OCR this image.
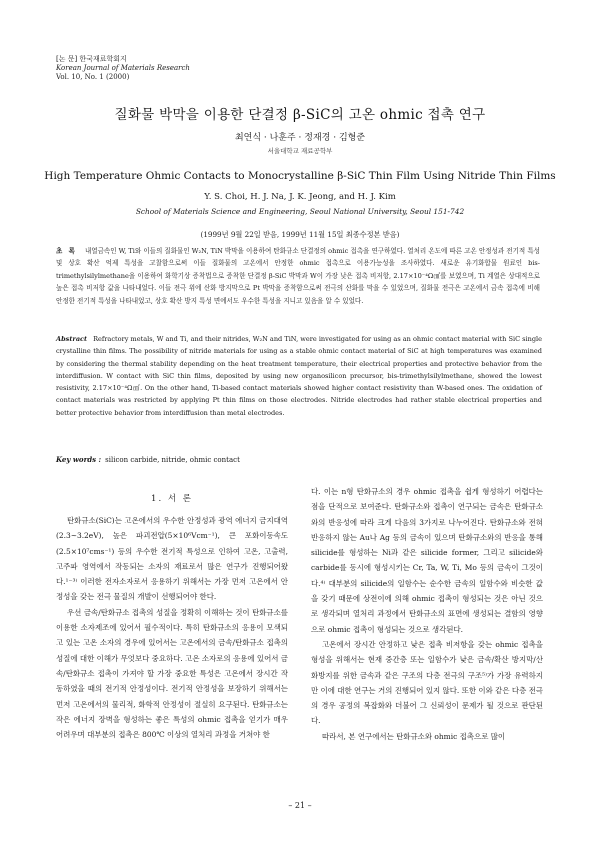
[논 문] 한국재료학회지
Korean Journal of Materials Research
Vol. 10, No. 1 (2000)
질화물 박막을 이용한 단결정 β-SiC의 고온 ohmic 접촉 연구
최연식 · 나훈주 · 정재경 · 김형준
서울대학교 재료공학부
High Temperature Ohmic Contacts to Monocrystalline β-SiC Thin Film Using Nitride Thin Films
Y. S. Choi, H. J. Na, J. K. Jeong, and H. J. Kim
School of Materials Science and Engineering, Seoul National University, Seoul 151-742
(1999년 9월 22일 받음, 1999년 11월 15일 최종수정본 받음)
초 록 내열금속인 W, Ti와 이들의 질화물인 W₂N, TiN 박막을 이용하여 탄화규소 단결정의 ohmic 접촉을 연구하였다. 열처리 온도에 따른 고온 안정성과 전기적 특성 및 상호 확산 억제 특성을 고찰함으로써 이들 질화물의 고온에서 안정한 ohmic 접촉으로 이용가능성을 조사하였다. 새로운 유기화합물 원료인 bis-trimethylsilylmethane을 이용하여 화학기상 증착법으로 증착한 단결정 β-SiC 박막과 W이 가장 낮은 접촉 비저항, 2.17×10⁻⁴Ω㎠를 보였으며, Ti 계열은 상대적으로 높은 접촉 비저항 값을 나타내었다. 이들 전극 위에 산화 방지막으로 Pt 박막을 증착함으로써 전극의 산화를 막을 수 있었으며, 질화물 전극은 고온에서 금속 접촉에 비해 안정한 전기적 특성을 나타내었고, 상호 확산 방지 특성 면에서도 우수한 특성을 지니고 있음을 알 수 있었다.
Abstract Refractory metals, W and Ti, and their nitrides, W₂N and TiN, were investigated for using as an ohmic contact material with SiC single crystalline thin films. The possibility of nitride materials for using as a stable ohmic contact material of SiC at high temperatures was examined by considering the thermal stability depending on the heat treatment temperature, their electrical properties and protective behavior from the interdiffusion. W contact with SiC thin films, deposited by using new organosilicon precursor, bis-trimethylsilylmethane, showed the lowest resistivity, 2.17×10⁻⁴Ω㎠. On the other hand, Ti-based contact materials showed higher contact resistivity than W-based ones. The oxidation of contact materials was restricted by applying Pt thin films on those electrodes. Nitride electrodes had rather stable electrical properties and better protective behavior from interdiffusion than metal electrodes.
Key words : silicon carbide, nitride, ohmic contact
1. 서 론

탄화규소(SiC)는 고온에서의 우수한 안정성과 광역 에너지 금지대역(2.3~3.2eV), 높은 파괴전압(5×10⁶Vcm⁻¹), 큰 포화이동속도(2.5×10⁷cms⁻¹) 등의 우수한 전기적 특성으로 인하여 고온, 고출력, 고주파 영역에서 작동되는 소자의 재료로서 많은 연구가 진행되어왔다.¹⁻³⁾ 이러한 전자소자로서 응용하기 위해서는 가장 먼저 고온에서 안정성을 갖는 전극 물질의 개발이 선행되어야 한다.

우선 금속/탄화규소 접촉의 성질을 정확히 이해하는 것이 탄화규소를 이용한 소자제조에 있어서 필수적이다. 특히 탄화규소의 응용이 모색되고 있는 고온 소자의 경우에 있어서는 고온에서의 금속/탄화규소 접촉의 성질에 대한 이해가 무엇보다 중요하다. 고온 소자로의 응용에 있어서 금속/탄화규소 접촉이 가져야 할 가장 중요한 특성은 고온에서 장시간 작동하였을 때의 전기적 안정성이다. 전기적 안정성을 보장하기 위해서는 먼저 고온에서의 물리적, 화학적 안정성이 절실히 요구된다. 탄화규소는 작은 에너지 장벽을 형성하는 좋은 특성의 ohmic 접촉을 얻기가 매우 어려우며 대부분의 접촉은 800℃ 이상의 열처리 과정을 거쳐야 한

다. 이는 n형 탄화규소의 경우 ohmic 접촉을 쉽게 형성하기 어렵다는 점을 단적으로 보여준다. 탄화규소와 접촉이 연구되는 금속은 탄화규소와의 반응성에 따라 크게 다음의 3가지로 나누어진다. 탄화규소와 전혀 반응하지 않는 Au나 Ag 등의 금속이 있으며 탄화규소와의 반응을 통해 silicide를 형성하는 Ni과 같은 silicide former, 그리고 silicide와 carbide를 동시에 형성시키는 Cr, Ta, W, Ti, Mo 등의 금속이 그것이다.⁴⁾ 대부분의 silicide의 일함수는 순수한 금속의 일함수와 비슷한 값을 갖기 때문에 상전이에 의해 ohmic 접촉이 형성되는 것은 아닌 것으로 생각되며 열처리 과정에서 탄화규소의 표면에 생성되는 결함의 영향으로 ohmic 접촉이 형성되는 것으로 생각된다.

고온에서 장시간 안정하고 낮은 접촉 비저항을 갖는 ohmic 접촉을 형성을 위해서는 현재 중간층 또는 일함수가 낮은 금속/확산 방지막/산화방지를 위한 금속과 같은 구조의 다층 전극의 구조⁵⁾가 가장 유력하지만 이에 대한 연구는 거의 진행되어 있지 않다. 또한 이와 같은 다층 전극의 경우 공정의 복잡화와 더불어 그 신뢰성이 문제가 될 것으로 판단된다.

따라서, 본 연구에서는 탄화규소와 ohmic 접촉으로 많이

– 21 –
